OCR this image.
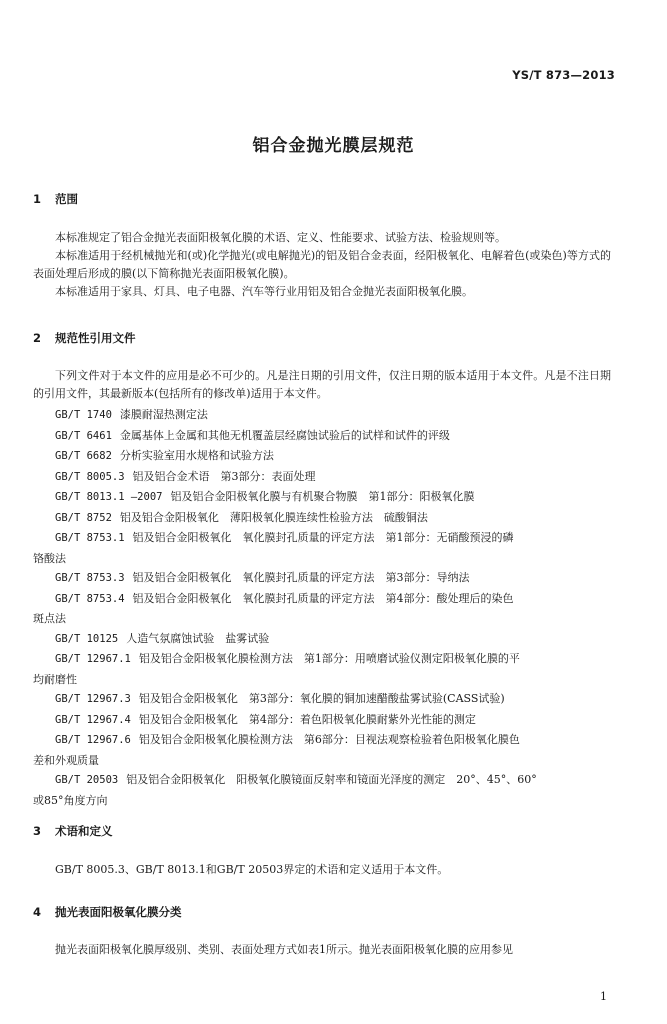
YS/T 873—2013
铝合金抛光膜层规范
1 范围

本标准规定了铝合金抛光表面阳极氧化膜的术语、定义、性能要求、试验方法、检验规则等。

本标准适用于经机械抛光和(或)化学抛光(或电解抛光)的铝及铝合金表面，经阳极氧化、电解着色(或染色)等方式的表面处理后形成的膜(以下简称抛光表面阳极氧化膜)。

本标准适用于家具、灯具、电子电器、汽车等行业用铝及铝合金抛光表面阳极氧化膜。

2 规范性引用文件

下列文件对于本文件的应用是必不可少的。凡是注日期的引用文件，仅注日期的版本适用于本文件。凡是不注日期的引用文件，其最新版本(包括所有的修改单)适用于本文件。

GB/T 1740 漆膜耐湿热测定法

GB/T 6461 金属基体上金属和其他无机覆盖层经腐蚀试验后的试样和试件的评级

GB/T 6682 分析实验室用水规格和试验方法

GB/T 8005.3 铝及铝合金术语　第3部分：表面处理

GB/T 8013.1 —2007 铝及铝合金阳极氧化膜与有机聚合物膜　第1部分：阳极氧化膜

GB/T 8752 铝及铝合金阳极氧化　薄阳极氧化膜连续性检验方法　硫酸铜法

GB/T 8753.1 铝及铝合金阳极氧化　氧化膜封孔质量的评定方法　第1部分：无硝酸预浸的磷
铬酸法

GB/T 8753.3 铝及铝合金阳极氧化　氧化膜封孔质量的评定方法　第3部分：导纳法

GB/T 8753.4 铝及铝合金阳极氧化　氧化膜封孔质量的评定方法　第4部分：酸处理后的染色
斑点法

GB/T 10125 人造气氛腐蚀试验　盐雾试验

GB/T 12967.1 铝及铝合金阳极氧化膜检测方法　第1部分：用喷磨试验仪测定阳极氧化膜的平
均耐磨性

GB/T 12967.3 铝及铝合金阳极氧化　第3部分：氧化膜的铜加速醋酸盐雾试验(CASS试验)

GB/T 12967.4 铝及铝合金阳极氧化　第4部分：着色阳极氧化膜耐紫外光性能的测定

GB/T 12967.6 铝及铝合金阳极氧化膜检测方法　第6部分：目视法观察检验着色阳极氧化膜色
差和外观质量

GB/T 20503 铝及铝合金阳极氧化　阳极氧化膜镜面反射率和镜面光泽度的测定　20°、45°、60°
或85°角度方向

3 术语和定义

GB/T 8005.3、GB/T 8013.1和GB/T 20503界定的术语和定义适用于本文件。

4 抛光表面阳极氧化膜分类

抛光表面阳极氧化膜厚级别、类别、表面处理方式如表1所示。抛光表面阳极氧化膜的应用参见

1
